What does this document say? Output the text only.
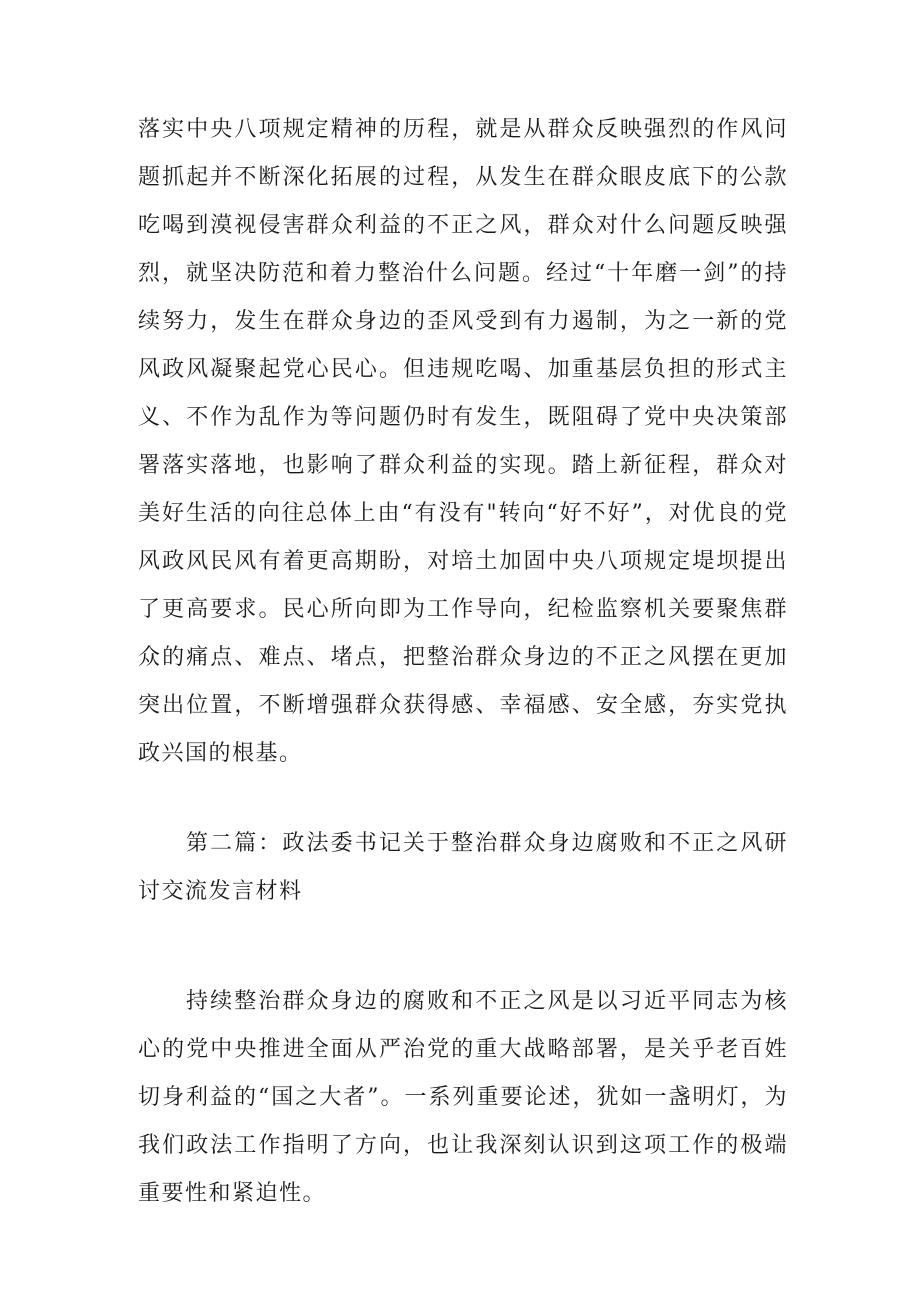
落实中央八项规定精神的历程，就是从群众反映强烈的作风问题抓起并不断深化拓展的过程，从发生在群众眼皮底下的公款吃喝到漠视侵害群众利益的不正之风，群众对什么问题反映强烈，就坚决防范和着力整治什么问题。经过“十年磨一剑”的持续努力，发生在群众身边的歪风受到有力遏制，为之一新的党风政风凝聚起党心民心。但违规吃喝、加重基层负担的形式主义、不作为乱作为等问题仍时有发生，既阻碍了党中央决策部署落实落地，也影响了群众利益的实现。踏上新征程，群众对美好生活的向往总体上由“有没有"转向“好不好”，对优良的党风政风民风有着更高期盼，对培土加固中央八项规定堤坝提出了更高要求。民心所向即为工作导向，纪检监察机关要聚焦群众的痛点、难点、堵点，把整治群众身边的不正之风摆在更加突出位置，不断增强群众获得感、幸福感、安全感，夯实党执政兴国的根基。

第二篇：政法委书记关于整治群众身边腐败和不正之风研讨交流发言材料

持续整治群众身边的腐败和不正之风是以习近平同志为核心的党中央推进全面从严治党的重大战略部署，是关乎老百姓切身利益的“国之大者”。一系列重要论述，犹如一盏明灯，为我们政法工作指明了方向，也让我深刻认识到这项工作的极端重要性和紧迫性。
